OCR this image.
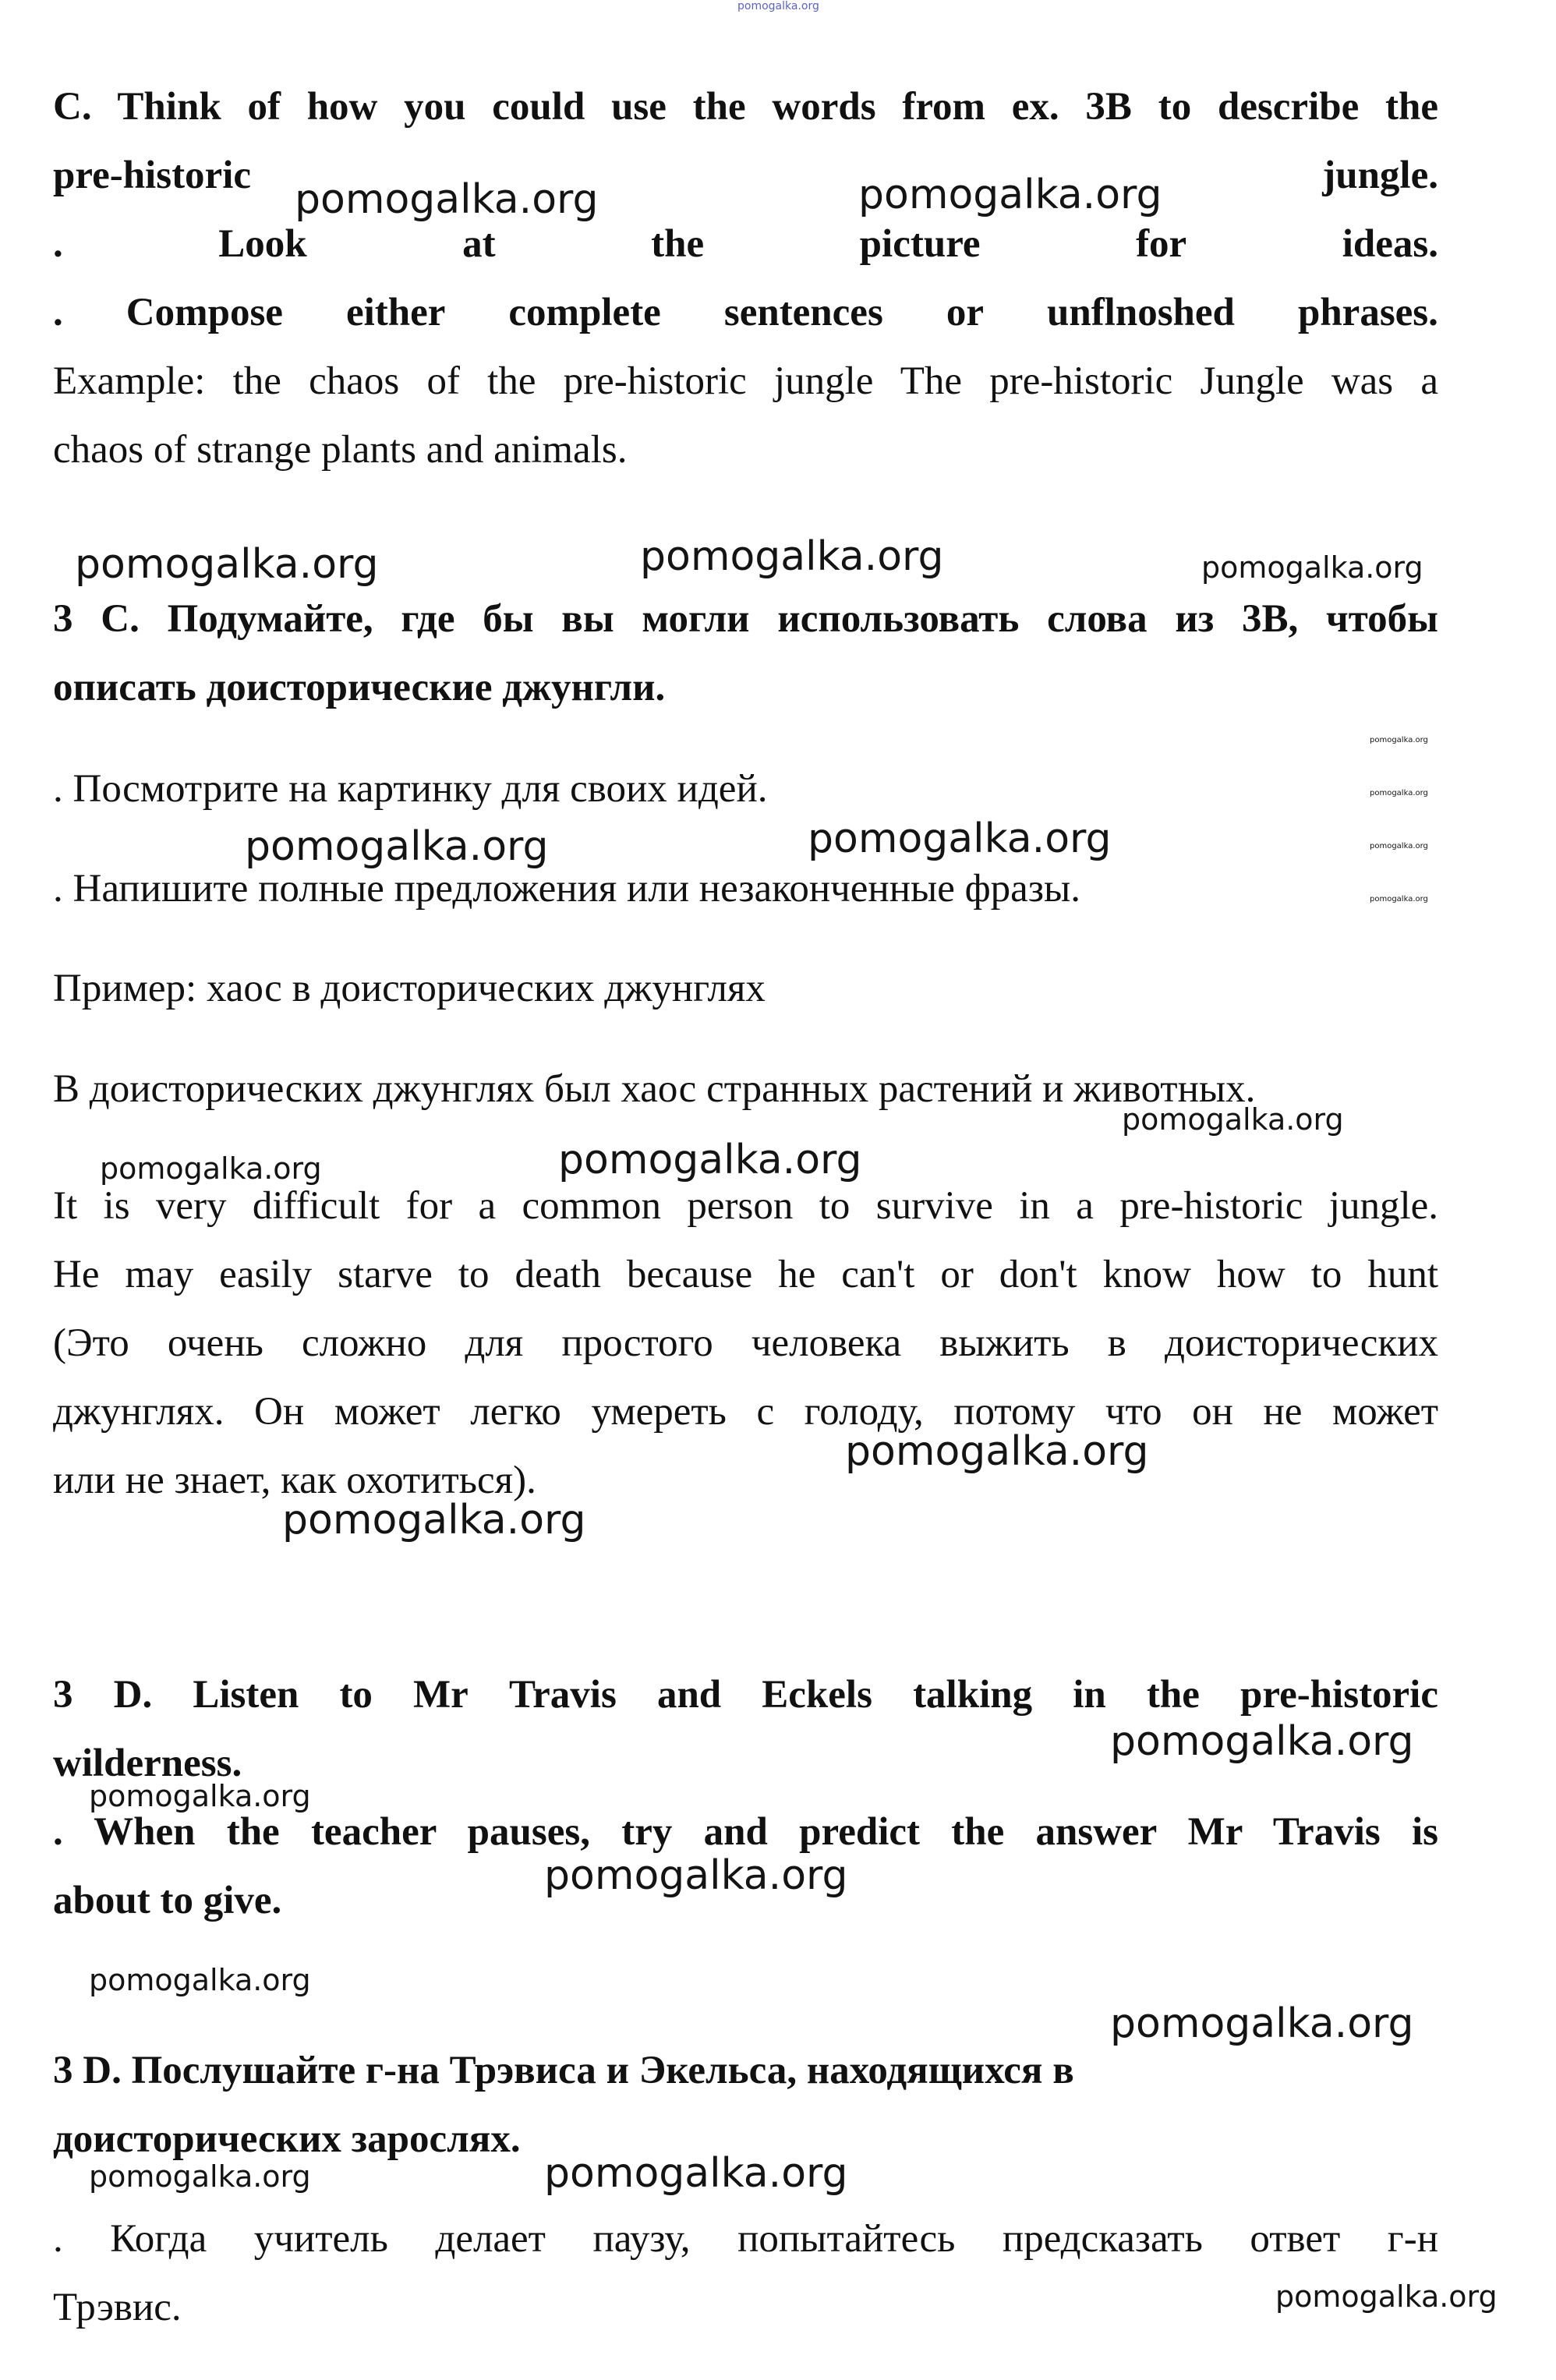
pomogalka.org
C. Think of how you could use the words from ex. 3B to describe the
pre-historic	jungle.
.	Look	at	the	picture	for	ideas.
. Compose either complete sentences or unflnoshed phrases.
Example: the chaos of the pre-historic jungle The pre-historic Jungle was a
chaos of strange plants and animals.
3 С. Подумайте, где бы вы могли использовать слова из 3В, чтобы
описать доисторические джунгли.
. Посмотрите на картинку для своих идей.
. Напишите полные предложения или незаконченные фразы.
Пример: хаос в доисторических джунглях
В доисторических джунглях был хаос странных растений и животных.
It is very difficult for a common person to survive in a pre-historic jungle.
He may easily starve to death because he can't or don't know how to hunt
(Это очень сложно для простого человека выжить в доисторических
джунглях. Он может легко умереть с голоду, потому что он не может
или не знает, как охотиться).
3 D. Listen to Mr Travis and Eckels talking in the pre-historic
wilderness.
. When the teacher pauses, try and predict the answer Mr Travis is
about to give.
3 D. Послушайте г-на Трэвиса и Экельса, находящихся в
доисторических зарослях.
. Когда учитель делает паузу, попытайтесь предсказать ответ г-н
Трэвис.
pomogalka.org	pomogalka.org
pomogalka.org	pomogalka.org	pomogalka.org
pomogalka.org
pomogalka.org
pomogalka.org
pomogalka.org
pomogalka.org	pomogalka.org
pomogalka.org
pomogalka.org	pomogalka.org
pomogalka.org
pomogalka.org
pomogalka.org
pomogalka.org
pomogalka.org
pomogalka.org
pomogalka.org
pomogalka.org	pomogalka.org
pomogalka.org
